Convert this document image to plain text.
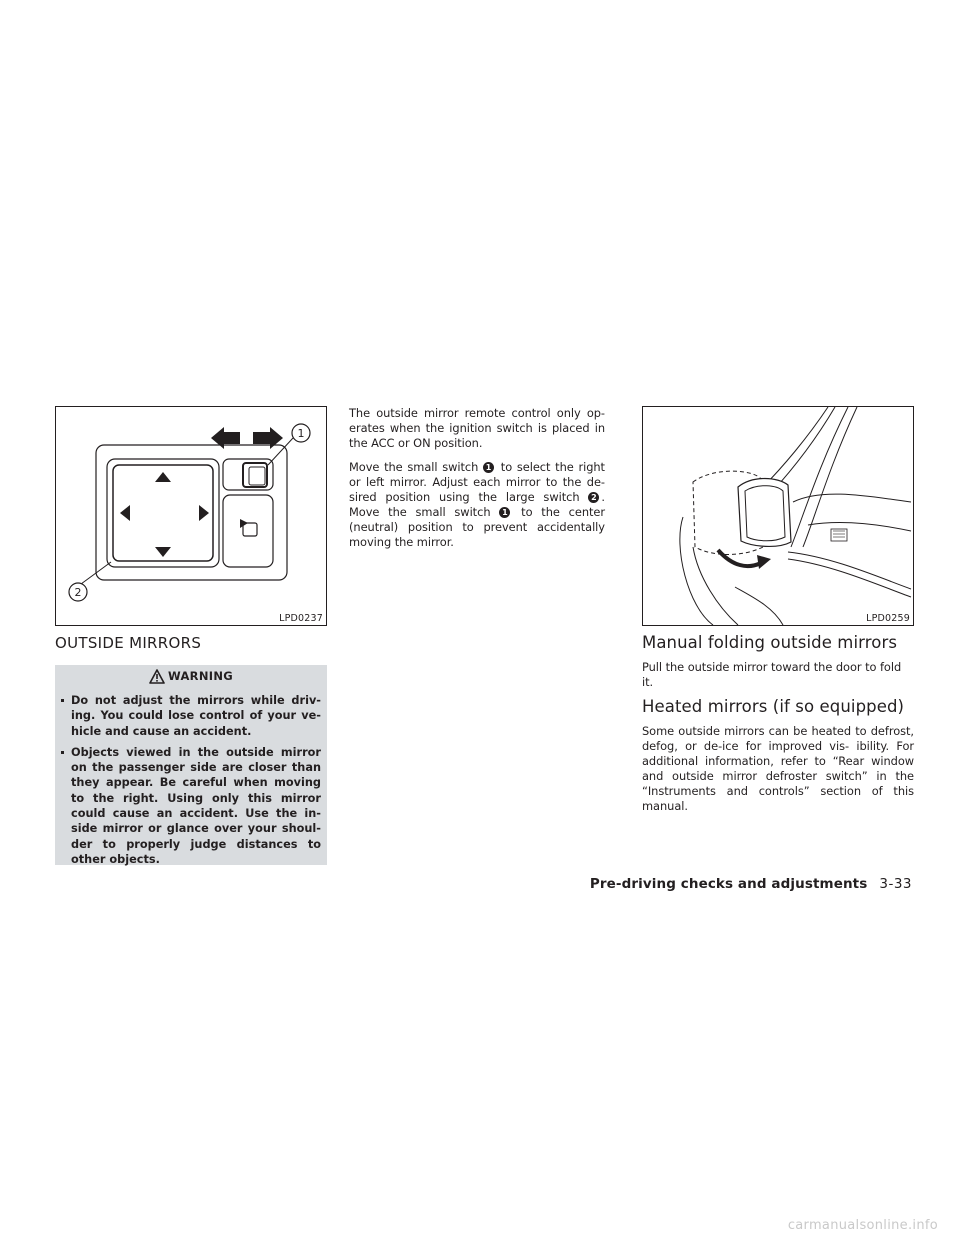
1
2
LPD0237
OUTSIDE MIRRORS
WARNING
Do not adjust the mirrors while driv- ing. You could lose control of your ve- hicle and cause an accident.
Objects viewed in the outside mirror on the passenger side are closer than they appear. Be careful when moving to the right. Using only this mirror could cause an accident. Use the in- side mirror or glance over your shoul- der to properly judge distances to other objects.

The outside mirror remote control only op- erates when the ignition switch is placed in the ACC or ON position.

Move the small switch 1 to select the right or left mirror. Adjust each mirror to the de- sired position using the large switch 2 . Move the small switch 1 to the center (neutral) position to prevent accidentally moving the mirror.

LPD0259
Manual folding outside mirrors
Pull the outside mirror toward the door to fold it.
Heated mirrors (if so equipped)
Some outside mirrors can be heated to defrost, defog, or de-ice for improved vis- ibility. For additional information, refer to “Rear window and outside mirror defroster switch” in the “Instruments and controls” section of this manual.
Pre-driving checks and adjustments 3-33
carmanualsonline.info
